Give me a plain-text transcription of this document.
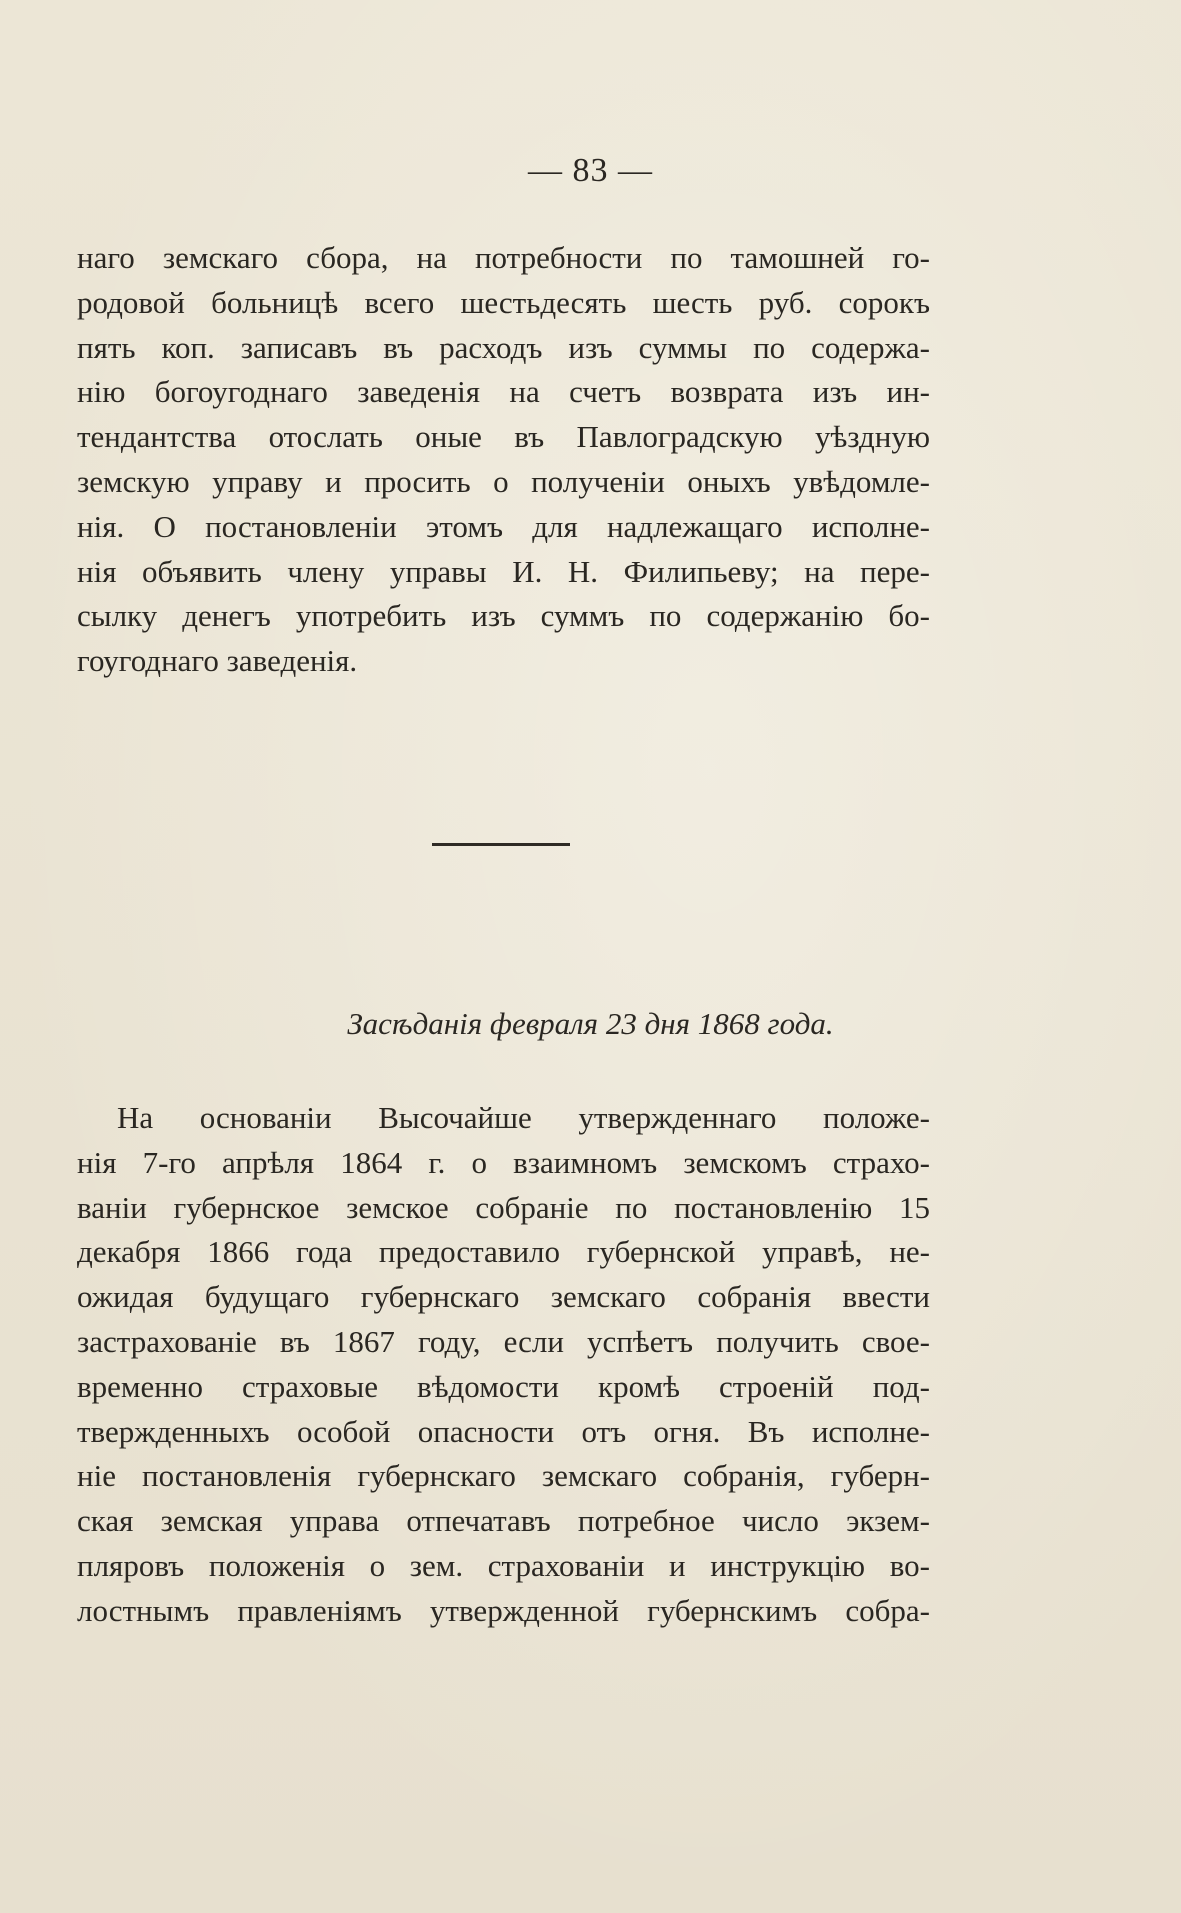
— 83 —
наго земскаго сбора, на потребности по тамошней го-
родовой больницѣ всего шестьдесять шесть руб. сорокъ
пять коп. записавъ въ расходъ изъ суммы по содержа-
нію богоугоднаго заведенія на счетъ возврата изъ ин-
тендантства отослать оные въ Павлоградскую уѣздную
земскую управу и просить о полученіи оныхъ увѣдомле-
нія. О постановленіи этомъ для надлежащаго исполне-
нія объявить члену управы И. Н. Филипьеву; на пере-
сылку денегъ употребить изъ суммъ по содержанію бо-
гоугоднаго заведенія.
Засѣданія февраля 23 дня 1868 года.
На основаніи Высочайше утвержденнаго положе-
нія 7-го апрѣля 1864 г. о взаимномъ земскомъ страхо-
ваніи губернское земское собраніе по постановленію 15
декабря 1866 года предоставило губернской управѣ, не-
ожидая будущаго губернскаго земскаго собранія ввести
застрахованіе въ 1867 году, если успѣетъ получить свое-
временно страховые вѣдомости кромѣ строеній под-
твержденныхъ особой опасности отъ огня. Въ исполне-
ніе постановленія губернскаго земскаго собранія, губерн-
ская земская управа отпечатавъ потребное число экзем-
пляровъ положенія о зем. страхованіи и инструкцію во-
лостнымъ правленіямъ утвержденной губернскимъ собра-
